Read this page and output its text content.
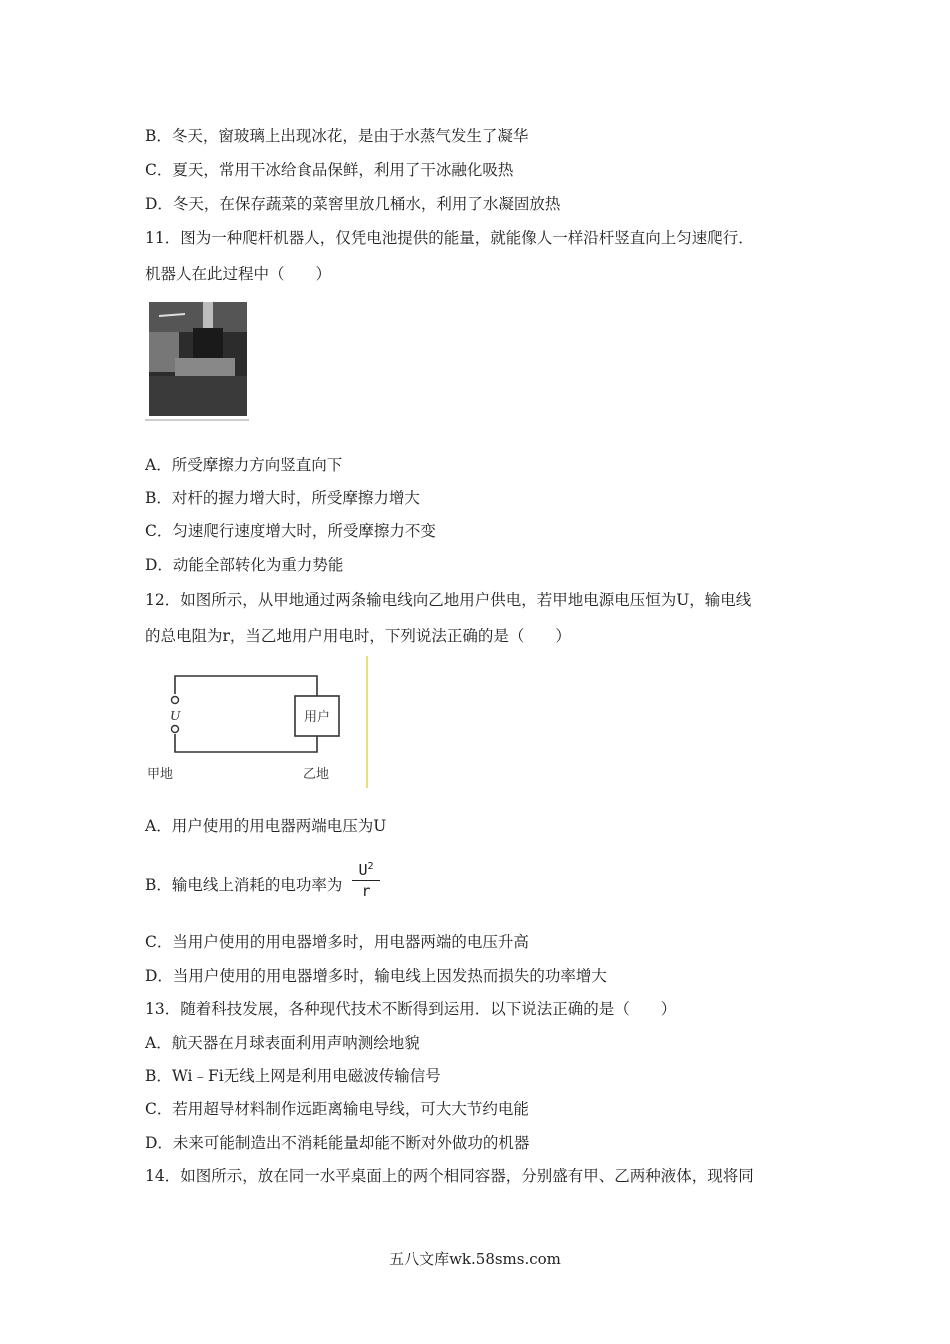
B．冬天，窗玻璃上出现冰花，是由于水蒸气发生了凝华
C．夏天，常用干冰给食品保鲜，利用了干冰融化吸热
D．冬天，在保存蔬菜的菜窖里放几桶水，利用了水凝固放热
11．图为一种爬杆机器人，仅凭电池提供的能量，就能像人一样沿杆竖直向上匀速爬行．
机器人在此过程中（　　）
A．所受摩擦力方向竖直向下
B．对杆的握力增大时，所受摩擦力增大
C．匀速爬行速度增大时，所受摩擦力不变
D．动能全部转化为重力势能
12．如图所示，从甲地通过两条输电线向乙地用户供电，若甲地电源电压恒为U，输电线
的总电阻为r，当乙地用户用电时，下列说法正确的是（　　）
U	用户
甲地	乙地
A．用户使用的用电器两端电压为U
B．输电线上消耗的电功率为
$U^2$
r
C．当用户使用的用电器增多时，用电器两端的电压升高
D．当用户使用的用电器增多时，输电线上因发热而损失的功率增大
13．随着科技发展，各种现代技术不断得到运用．以下说法正确的是（　　）
A．航天器在月球表面利用声呐测绘地貌
B．Wi﹣Fi无线上网是利用电磁波传输信号
C．若用超导材料制作远距离输电导线，可大大节约电能
D．未来可能制造出不消耗能量却能不断对外做功的机器
14．如图所示，放在同一水平桌面上的两个相同容器，分别盛有甲、乙两种液体，现将同
五八文库wk.58sms.com
